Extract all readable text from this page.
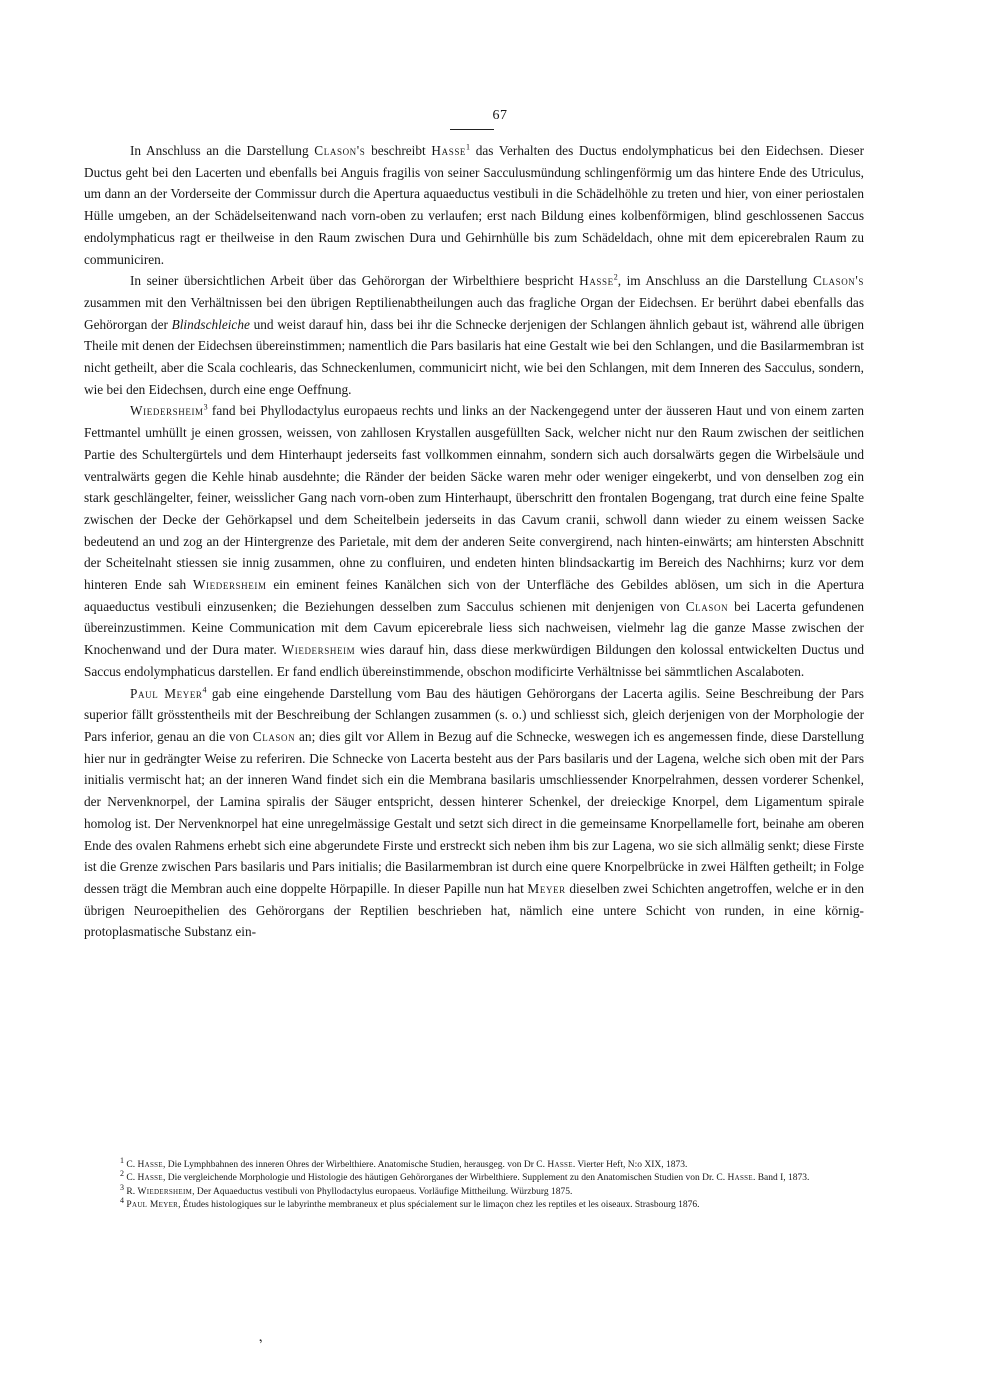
67

In Anschluss an die Darstellung Clason's beschreibt Hasse$^1$ das Verhalten des Ductus endolymphaticus bei den Eidechsen. Dieser Ductus geht bei den Lacerten und ebenfalls bei Anguis fragilis von seiner Sacculusmündung schlingenförmig um das hintere Ende des Utriculus, um dann an der Vorderseite der Commissur durch die Apertura aquaeductus vestibuli in die Schädelhöhle zu treten und hier, von einer periostalen Hülle umgeben, an der Schädelseitenwand nach vorn-oben zu verlaufen; erst nach Bildung eines kolbenförmigen, blind geschlossenen Saccus endolymphaticus ragt er theilweise in den Raum zwischen Dura und Gehirnhülle bis zum Schädeldach, ohne mit dem epicerebralen Raum zu communiciren.

In seiner übersichtlichen Arbeit über das Gehörorgan der Wirbelthiere bespricht Hasse$^2$, im Anschluss an die Darstellung Clason's zusammen mit den Verhältnissen bei den übrigen Reptilienabtheilungen auch das fragliche Organ der Eidechsen. Er berührt dabei ebenfalls das Gehörorgan der Blindschleiche und weist darauf hin, dass bei ihr die Schnecke derjenigen der Schlangen ähnlich gebaut ist, während alle übrigen Theile mit denen der Eidechsen übereinstimmen; namentlich die Pars basilaris hat eine Gestalt wie bei den Schlangen, und die Basilarmembran ist nicht getheilt, aber die Scala cochlearis, das Schneckenlumen, communicirt nicht, wie bei den Schlangen, mit dem Inneren des Sacculus, sondern, wie bei den Eidechsen, durch eine enge Oeffnung.

Wiedersheim$^3$ fand bei Phyllodactylus europaeus rechts und links an der Nackengegend unter der äusseren Haut und von einem zarten Fettmantel umhüllt je einen grossen, weissen, von zahllosen Krystallen ausgefüllten Sack, welcher nicht nur den Raum zwischen der seitlichen Partie des Schultergürtels und dem Hinterhaupt jederseits fast vollkommen einnahm, sondern sich auch dorsalwärts gegen die Wirbelsäule und ventralwärts gegen die Kehle hinab ausdehnte; die Ränder der beiden Säcke waren mehr oder weniger eingekerbt, und von denselben zog ein stark geschlängelter, feiner, weisslicher Gang nach vorn-oben zum Hinterhaupt, überschritt den frontalen Bogengang, trat durch eine feine Spalte zwischen der Decke der Gehörkapsel und dem Scheitelbein jederseits in das Cavum cranii, schwoll dann wieder zu einem weissen Sacke bedeutend an und zog an der Hintergrenze des Parietale, mit dem der anderen Seite convergirend, nach hinten-einwärts; am hintersten Abschnitt der Scheitelnaht stiessen sie innig zusammen, ohne zu confluiren, und endeten hinten blindsackartig im Bereich des Nachhirns; kurz vor dem hinteren Ende sah Wiedersheim ein eminent feines Kanälchen sich von der Unterfläche des Gebildes ablösen, um sich in die Apertura aquaeductus vestibuli einzusenken; die Beziehungen desselben zum Sacculus schienen mit denjenigen von Clason bei Lacerta gefundenen übereinzustimmen. Keine Communication mit dem Cavum epicerebrale liess sich nachweisen, vielmehr lag die ganze Masse zwischen der Knochenwand und der Dura mater. Wiedersheim wies darauf hin, dass diese merkwürdigen Bildungen den kolossal entwickelten Ductus und Saccus endolymphaticus darstellen. Er fand endlich übereinstimmende, obschon modificirte Verhältnisse bei sämmtlichen Ascalaboten.

Paul Meyer$^4$ gab eine eingehende Darstellung vom Bau des häutigen Gehörorgans der Lacerta agilis. Seine Beschreibung der Pars superior fällt grösstentheils mit der Beschreibung der Schlangen zusammen (s. o.) und schliesst sich, gleich derjenigen von der Morphologie der Pars inferior, genau an die von Clason an; dies gilt vor Allem in Bezug auf die Schnecke, weswegen ich es angemessen finde, diese Darstellung hier nur in gedrängter Weise zu referiren. Die Schnecke von Lacerta besteht aus der Pars basilaris und der Lagena, welche sich oben mit der Pars initialis vermischt hat; an der inneren Wand findet sich ein die Membrana basilaris umschliessender Knorpelrahmen, dessen vorderer Schenkel, der Nervenknorpel, der Lamina spiralis der Säuger entspricht, dessen hinterer Schenkel, der dreieckige Knorpel, dem Ligamentum spirale homolog ist. Der Nervenknorpel hat eine unregelmässige Gestalt und setzt sich direct in die gemeinsame Knorpellamelle fort, beinahe am oberen Ende des ovalen Rahmens erhebt sich eine abgerundete Firste und erstreckt sich neben ihm bis zur Lagena, wo sie sich allmälig senkt; diese Firste ist die Grenze zwischen Pars basilaris und Pars initialis; die Basilarmembran ist durch eine quere Knorpelbrücke in zwei Hälften getheilt; in Folge dessen trägt die Membran auch eine doppelte Hörpapille. In dieser Papille nun hat Meyer dieselben zwei Schichten angetroffen, welche er in den übrigen Neuroepithelien des Gehörorgans der Reptilien beschrieben hat, nämlich eine untere Schicht von runden, in eine körnig-protoplasmatische Substanz ein-

$^1$ C. Hasse, Die Lymphbahnen des inneren Ohres der Wirbelthiere. Anatomische Studien, herausgeg. von Dr C. Hasse. Vierter Heft, N:o XIX, 1873.

$^2$ C. Hasse, Die vergleichende Morphologie und Histologie des häutigen Gehörorganes der Wirbelthiere. Supplement zu den Anatomischen Studien von Dr. C. Hasse. Band I, 1873.

$^3$ R. Wiedersheim, Der Aquaeductus vestibuli von Phyllodactylus europaeus. Vorläufige Mittheilung. Würzburg 1875.

$^4$ Paul Meyer, Études histologiques sur le labyrinthe membraneux et plus spécialement sur le limaçon chez les reptiles et les oiseaux. Strasbourg 1876.

,
